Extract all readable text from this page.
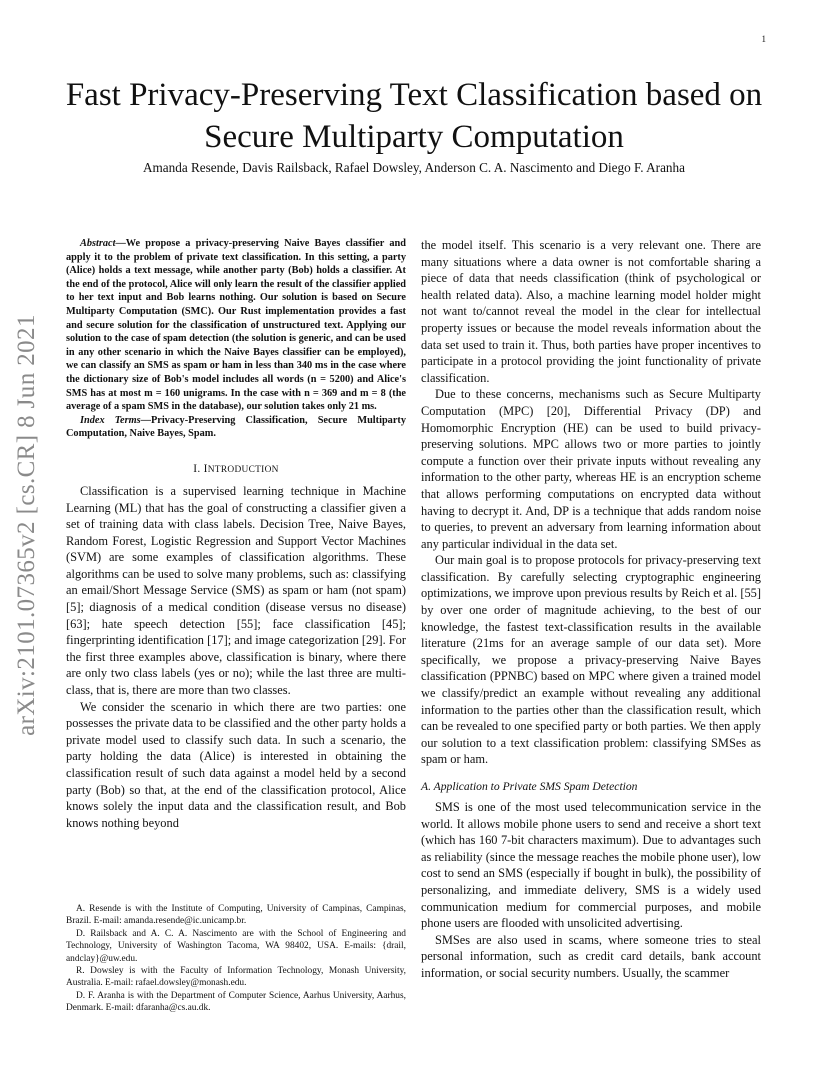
1
arXiv:2101.07365v2 [cs.CR] 8 Jun 2021
Fast Privacy-Preserving Text Classification based on Secure Multiparty Computation
Amanda Resende, Davis Railsback, Rafael Dowsley, Anderson C. A. Nascimento and Diego F. Aranha

Abstract—We propose a privacy-preserving Naive Bayes classifier and apply it to the problem of private text classification. In this setting, a party (Alice) holds a text message, while another party (Bob) holds a classifier. At the end of the protocol, Alice will only learn the result of the classifier applied to her text input and Bob learns nothing. Our solution is based on Secure Multiparty Computation (SMC). Our Rust implementation provides a fast and secure solution for the classification of unstructured text. Applying our solution to the case of spam detection (the solution is generic, and can be used in any other scenario in which the Naive Bayes classifier can be employed), we can classify an SMS as spam or ham in less than 340 ms in the case where the dictionary size of Bob's model includes all words (n = 5200) and Alice's SMS has at most m = 160 unigrams. In the case with n = 369 and m = 8 (the average of a spam SMS in the database), our solution takes only 21 ms.

Index Terms—Privacy-Preserving Classification, Secure Multiparty Computation, Naive Bayes, Spam.

I. INTRODUCTION

Classification is a supervised learning technique in Machine Learning (ML) that has the goal of constructing a classifier given a set of training data with class labels. Decision Tree, Naive Bayes, Random Forest, Logistic Regression and Support Vector Machines (SVM) are some examples of classification algorithms. These algorithms can be used to solve many problems, such as: classifying an email/Short Message Service (SMS) as spam or ham (not spam) [5]; diagnosis of a medical condition (disease versus no disease) [63]; hate speech detection [55]; face classification [45]; fingerprinting identification [17]; and image categorization [29]. For the first three examples above, classification is binary, where there are only two class labels (yes or no); while the last three are multi-class, that is, there are more than two classes.

We consider the scenario in which there are two parties: one possesses the private data to be classified and the other party holds a private model used to classify such data. In such a scenario, the party holding the data (Alice) is interested in obtaining the classification result of such data against a model held by a second party (Bob) so that, at the end of the classification protocol, Alice knows solely the input data and the classification result, and Bob knows nothing beyond

A. Resende is with the Institute of Computing, University of Campinas, Campinas, Brazil. E-mail: amanda.resende@ic.unicamp.br.

D. Railsback and A. C. A. Nascimento are with the School of Engineering and Technology, University of Washington Tacoma, WA 98402, USA. E-mails: {drail, andclay}@uw.edu.

R. Dowsley is with the Faculty of Information Technology, Monash University, Australia. E-mail: rafael.dowsley@monash.edu.

D. F. Aranha is with the Department of Computer Science, Aarhus University, Aarhus, Denmark. E-mail: dfaranha@cs.au.dk.

the model itself. This scenario is a very relevant one. There are many situations where a data owner is not comfortable sharing a piece of data that needs classification (think of psychological or health related data). Also, a machine learning model holder might not want to/cannot reveal the model in the clear for intellectual property issues or because the model reveals information about the data set used to train it. Thus, both parties have proper incentives to participate in a protocol providing the joint functionality of private classification.

Due to these concerns, mechanisms such as Secure Multiparty Computation (MPC) [20], Differential Privacy (DP) and Homomorphic Encryption (HE) can be used to build privacy-preserving solutions. MPC allows two or more parties to jointly compute a function over their private inputs without revealing any information to the other party, whereas HE is an encryption scheme that allows performing computations on encrypted data without having to decrypt it. And, DP is a technique that adds random noise to queries, to prevent an adversary from learning information about any particular individual in the data set.

Our main goal is to propose protocols for privacy-preserving text classification. By carefully selecting cryptographic engineering optimizations, we improve upon previous results by Reich et al. [55] by over one order of magnitude achieving, to the best of our knowledge, the fastest text-classification results in the available literature (21ms for an average sample of our data set). More specifically, we propose a privacy-preserving Naive Bayes classification (PPNBC) based on MPC where given a trained model we classify/predict an example without revealing any additional information to the parties other than the classification result, which can be revealed to one specified party or both parties. We then apply our solution to a text classification problem: classifying SMSes as spam or ham.

A. Application to Private SMS Spam Detection

SMS is one of the most used telecommunication service in the world. It allows mobile phone users to send and receive a short text (which has 160 7-bit characters maximum). Due to advantages such as reliability (since the message reaches the mobile phone user), low cost to send an SMS (especially if bought in bulk), the possibility of personalizing, and immediate delivery, SMS is a widely used communication medium for commercial purposes, and mobile phone users are flooded with unsolicited advertising.

SMSes are also used in scams, where someone tries to steal personal information, such as credit card details, bank account information, or social security numbers. Usually, the scammer
